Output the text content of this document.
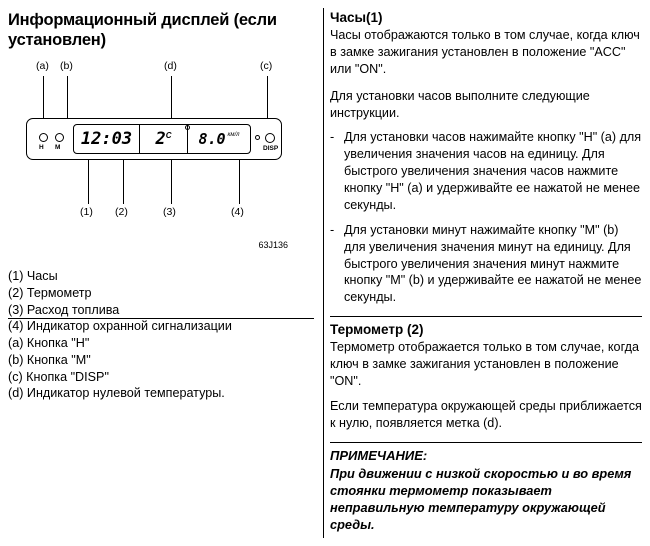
Информационный дисплей (если установлен)
(a) (b)	(d)	(c)
H M 12:03 2 C 8.0 км/л
DISP
(1) (2)	(3)	(4)
63J136
(1) Часы
(2) Термометр
(3) Расход топлива
(4) Индикатор охранной сигнализации
(a) Кнопка "H"
(b) Кнопка "M"
(c) Кнопка "DISP"
(d) Индикатор нулевой температуры.
Часы(1)

Часы отображаются только в том случае, когда ключ в замке зажигания установлен в положение "ACC" или "ON".

Для установки часов выполните следующие инструкции.

- Для установки часов нажимайте кнопку "H" (a) для увеличения значения часов на единицу. Для быстрого увеличения значения часов нажмите кнопку "H" (a) и удерживайте ее нажатой не менее секунды.
- Для установки минут нажимайте кнопку "M" (b) для увеличения значения минут на единицу. Для быстрого увеличения значения минут нажмите кнопку "M" (b) и удерживайте ее нажатой не менее секунды.
Термометр (2)

Термометр отображается только в том случае, когда ключ в замке зажигания установлен в положение "ON".

Если температура окружающей среды приближается к нулю, появляется метка (d).

ПРИМЕЧАНИЕ:

При движении с низкой скоростью и во время стоянки термометр показывает неправильную температуру окружающей среды.
